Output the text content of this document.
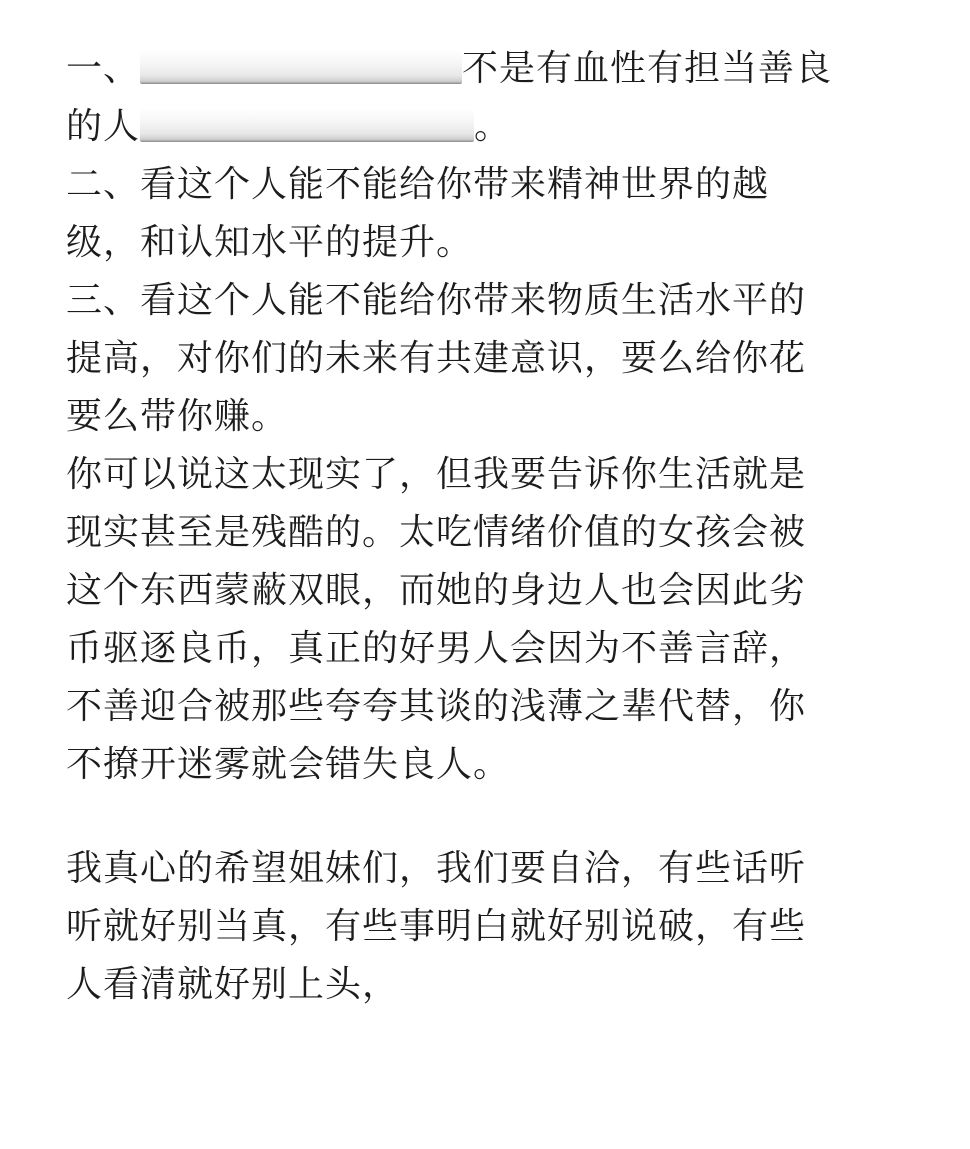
一、	不是有血性有担当善良
的人	。
二、看这个人能不能给你带来精神世界的越
级，和认知水平的提升。
三、看这个人能不能给你带来物质生活水平的
提高，对你们的未来有共建意识，要么给你花
要么带你赚。
你可以说这太现实了，但我要告诉你生活就是
现实甚至是残酷的。太吃情绪价值的女孩会被
这个东西蒙蔽双眼，而她的身边人也会因此劣
币驱逐良币，真正的好男人会因为不善言辞，
不善迎合被那些夸夸其谈的浅薄之辈代替，你
不撩开迷雾就会错失良人。
我真心的希望姐妹们，我们要自洽，有些话听
听就好别当真，有些事明白就好别说破，有些
人看清就好别上头，
